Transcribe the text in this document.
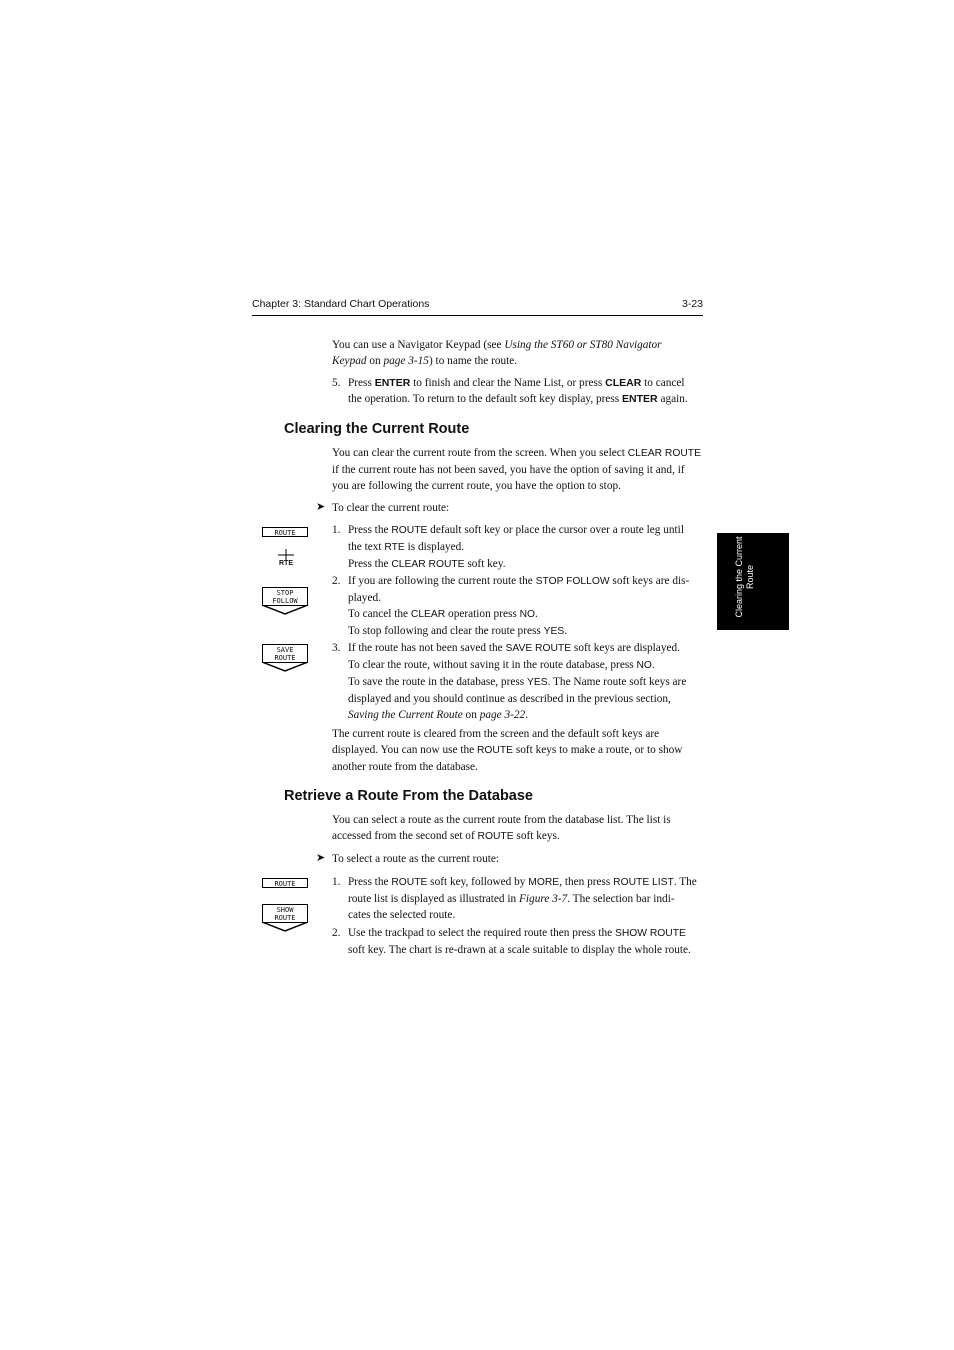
Chapter 3: Standard Chart Operations	3-23
Clearing the Current Route
You can use a Navigator Keypad (see Using the ST60 or ST80 Navigator
Keypad on page 3-15) to name the route.
5. Press ENTER to finish and clear the Name List, or press CLEAR to cancel
the operation. To return to the default soft key display, press ENTER again.
Clearing the Current Route
You can clear the current route from the screen. When you select CLEAR ROUTE
if the current route has not been saved, you have the option of saving it and, if
you are following the current route, you have the option to stop.
➤ To clear the current route:
1. Press the ROUTE default soft key or place the cursor over a route leg until
the text RTE is displayed.
Press the CLEAR ROUTE soft key.
2. If you are following the current route the STOP FOLLOW soft keys are dis-
played.
To cancel the CLEAR operation press NO.
To stop following and clear the route press YES.
3. If the route has not been saved the SAVE ROUTE soft keys are displayed.
To clear the route, without saving it in the route database, press NO.
To save the route in the database, press YES. The Name route soft keys are
displayed and you should continue as described in the previous section,
Saving the Current Route on page 3-22.
The current route is cleared from the screen and the default soft keys are
displayed. You can now use the ROUTE soft keys to make a route, or to show
another route from the database.
Retrieve a Route From the Database
You can select a route as the current route from the database list. The list is
accessed from the second set of ROUTE soft keys.
➤ To select a route as the current route:
1. Press the ROUTE soft key, followed by MORE, then press ROUTE LIST. The
route list is displayed as illustrated in Figure 3-7. The selection bar indi-
cates the selected route.
2. Use the trackpad to select the required route then press the SHOW ROUTE
soft key. The chart is re-drawn at a scale suitable to display the whole route.
ROUTE
RTE
STOP
FOLLOW
SAVE
ROUTE
ROUTE
SHOW
ROUTE
